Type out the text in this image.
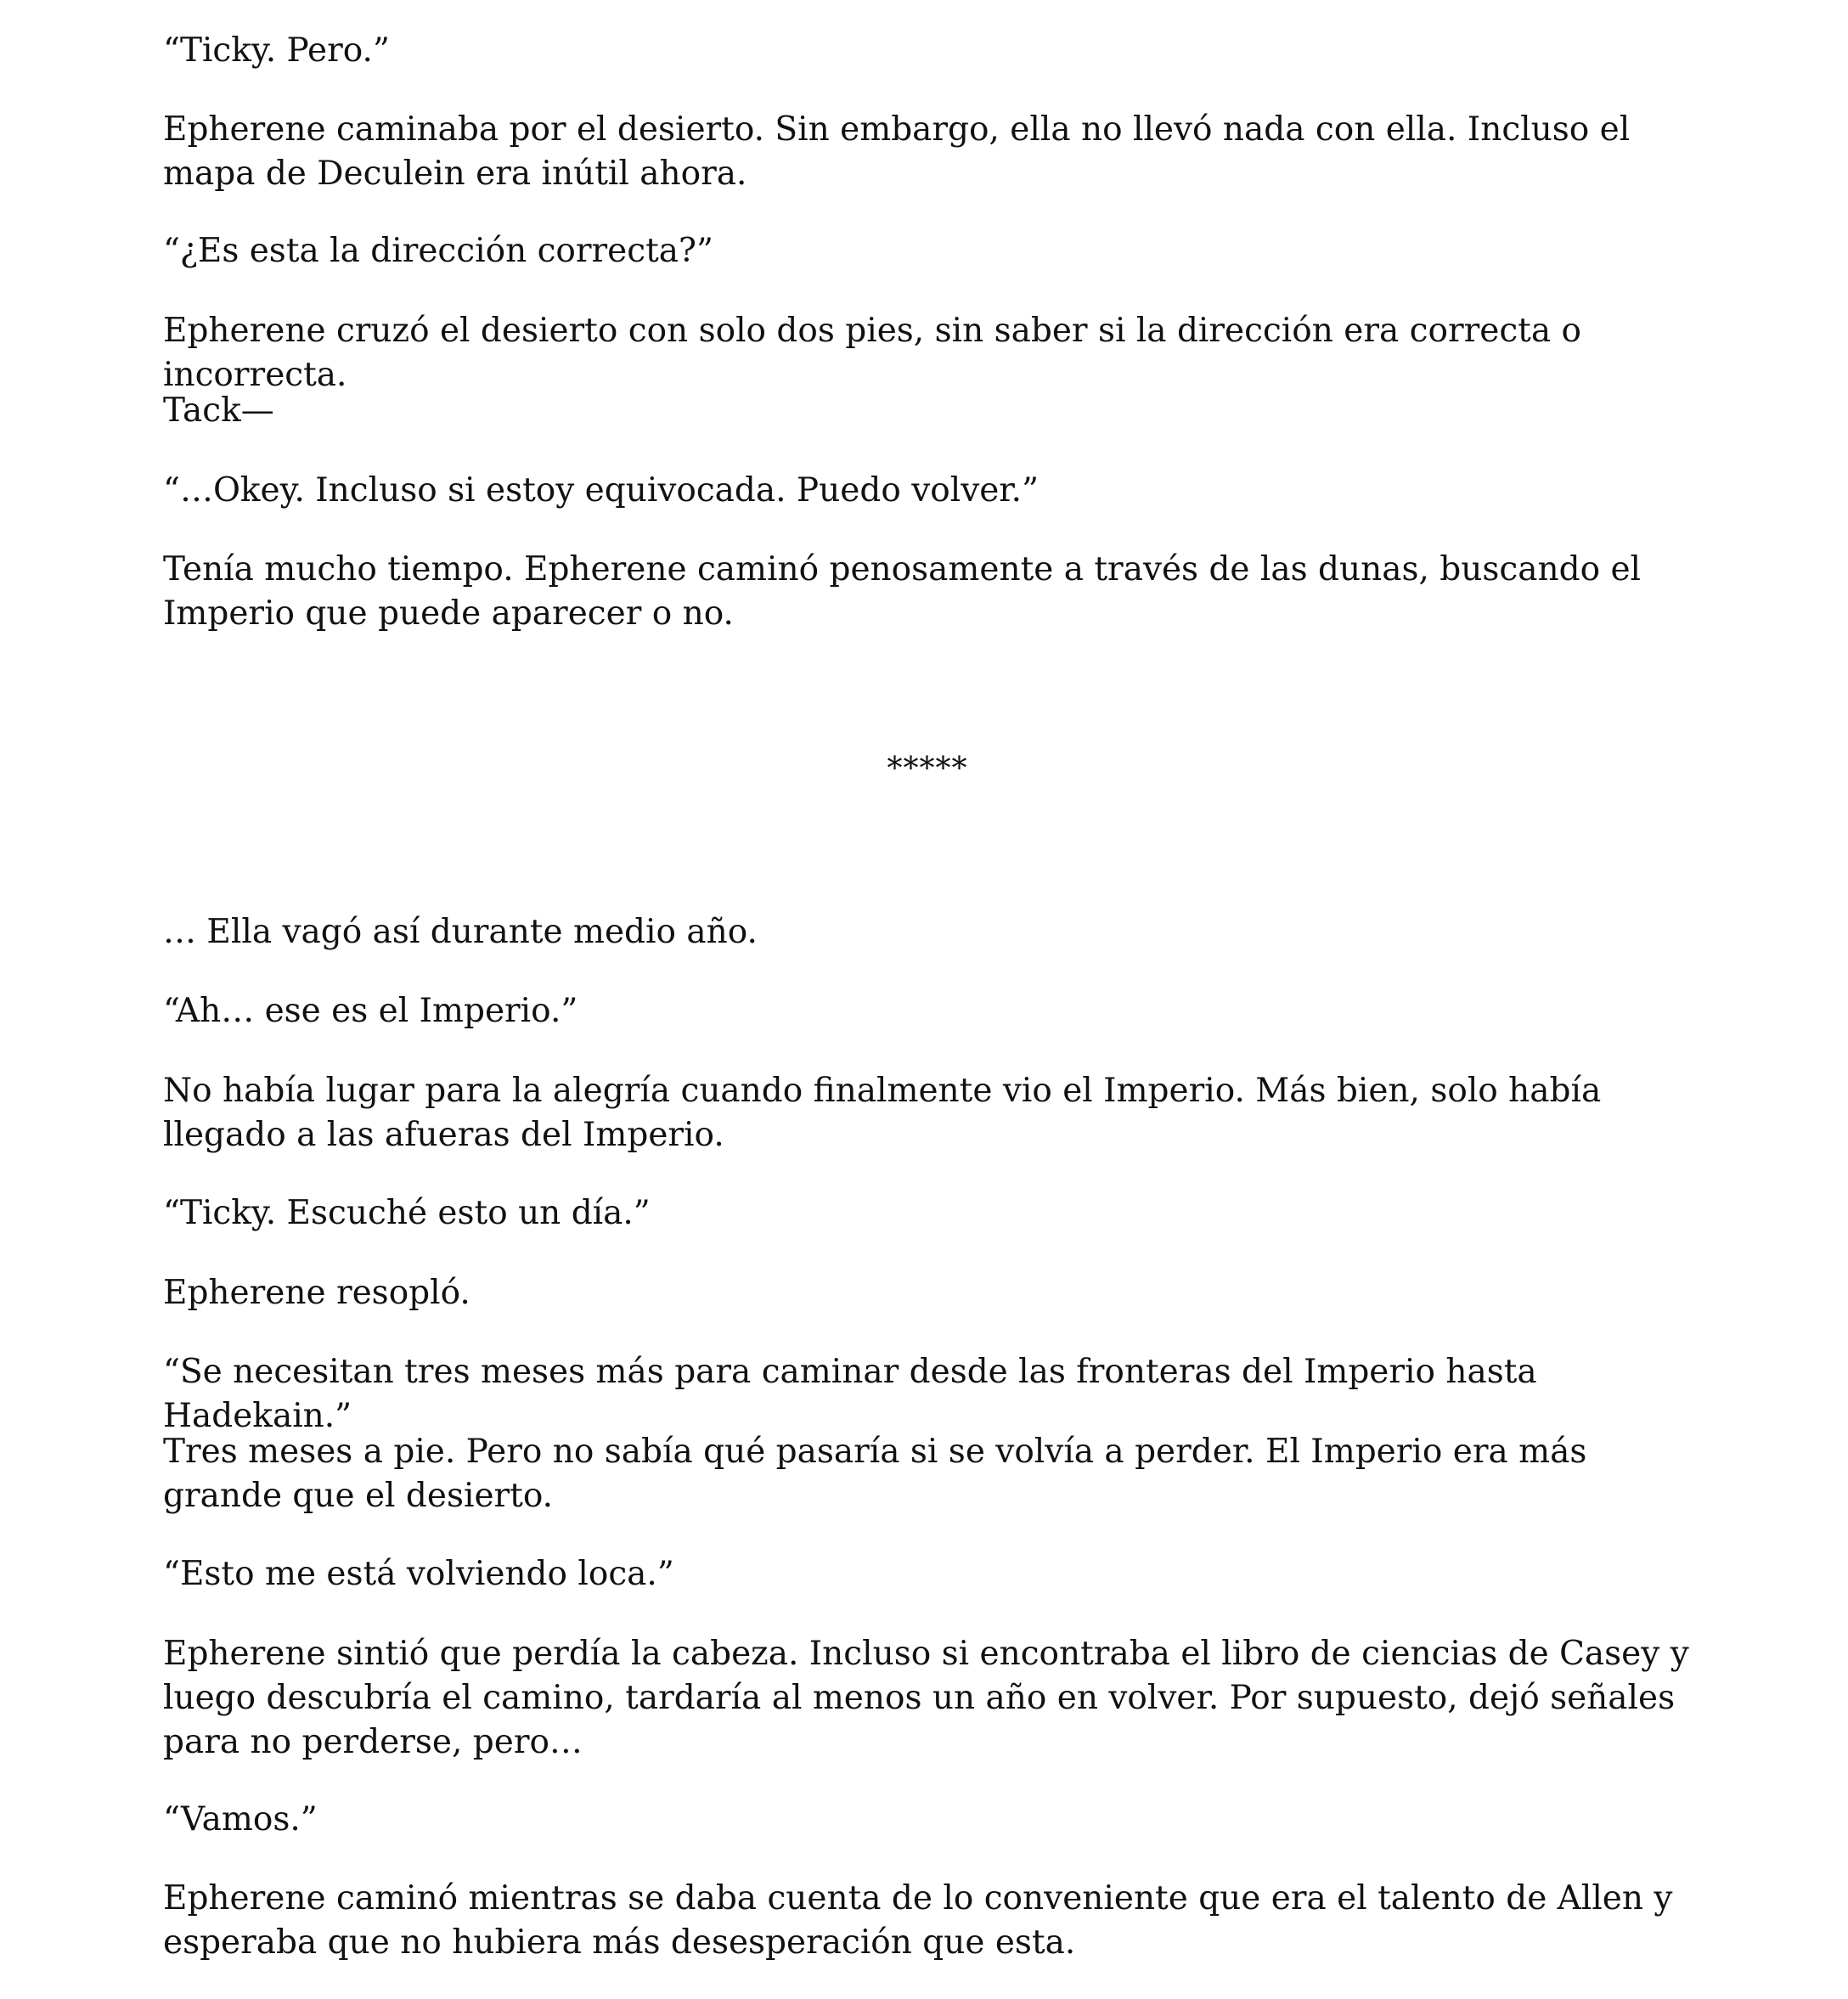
“Ticky. Pero.”

Epherene caminaba por el desierto. Sin embargo, ella no llevó nada con ella. Incluso el mapa de Deculein era inútil ahora.

“¿Es esta la dirección correcta?”

Epherene cruzó el desierto con solo dos pies, sin saber si la dirección era correcta o incorrecta.

Tack—

“…Okey. Incluso si estoy equivocada. Puedo volver.”

Tenía mucho tiempo. Epherene caminó penosamente a través de las dunas, buscando el Imperio que puede aparecer o no.

*****

… Ella vagó así durante medio año.

“Ah… ese es el Imperio.”

No había lugar para la alegría cuando finalmente vio el Imperio. Más bien, solo había llegado a las afueras del Imperio.

“Ticky. Escuché esto un día.”

Epherene resopló.

“Se necesitan tres meses más para caminar desde las fronteras del Imperio hasta Hadekain.”

Tres meses a pie. Pero no sabía qué pasaría si se volvía a perder. El Imperio era más grande que el desierto.

“Esto me está volviendo loca.”

Epherene sintió que perdía la cabeza. Incluso si encontraba el libro de ciencias de Casey y luego descubría el camino, tardaría al menos un año en volver. Por supuesto, dejó señales para no perderse, pero…

“Vamos.”

Epherene caminó mientras se daba cuenta de lo conveniente que era el talento de Allen y esperaba que no hubiera más desesperación que esta.
